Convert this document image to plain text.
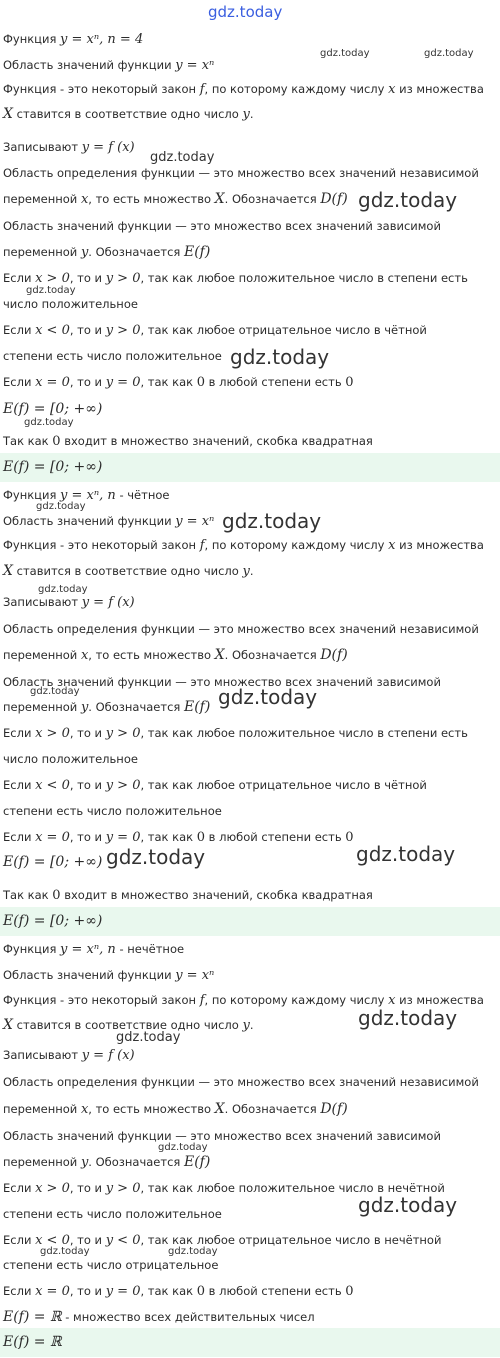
gdz.today
Функция y = xⁿ, n = 4
Область значений функции y = xⁿ
Функция - это некоторый закон f, по которому каждому числу x из множества
X ставится в соответствие одно число y.
Записывают y = f (x)
Область определения функции — это множество всех значений независимой
переменной x, то есть множество X. Обозначается D(f)
Область значений функции — это множество всех значений зависимой
переменной y. Обозначается E(f)
Если x > 0, то и y > 0, так как любое положительное число в степени есть
число положительное
Если x < 0, то и y > 0, так как любое отрицательное число в чётной
степени есть число положительное
Если x = 0, то и y = 0, так как 0 в любой степени есть 0
E(f) = [0; +∞)
Так как 0 входит в множество значений, скобка квадратная
E(f) = [0; +∞)
Функция y = xⁿ, n - чётное
Область значений функции y = xⁿ
Функция - это некоторый закон f, по которому каждому числу x из множества
X ставится в соответствие одно число y.
Записывают y = f (x)
Область определения функции — это множество всех значений независимой
переменной x, то есть множество X. Обозначается D(f)
Область значений функции — это множество всех значений зависимой
переменной y. Обозначается E(f)
Если x > 0, то и y > 0, так как любое положительное число в степени есть
число положительное
Если x < 0, то и y > 0, так как любое отрицательное число в чётной
степени есть число положительное
Если x = 0, то и y = 0, так как 0 в любой степени есть 0
E(f) = [0; +∞)
Так как 0 входит в множество значений, скобка квадратная
E(f) = [0; +∞)
Функция y = xⁿ, n - нечётное
Область значений функции y = xⁿ
Функция - это некоторый закон f, по которому каждому числу x из множества
X ставится в соответствие одно число y.
Записывают y = f (x)
Область определения функции — это множество всех значений независимой
переменной x, то есть множество X. Обозначается D(f)
Область значений функции — это множество всех значений зависимой
переменной y. Обозначается E(f)
Если x > 0, то и y > 0, так как любое положительное число в нечётной
степени есть число положительное
Если x < 0, то и y < 0, так как любое отрицательное число в нечётной
степени есть число отрицательное
Если x = 0, то и y = 0, так как 0 в любой степени есть 0
E(f) = ℝ - множество всех действительных чисел
E(f) = ℝ
gdz.today	gdz.today
gdz.today
gdz.today
gdz.today
gdz.today
gdz.today
gdz.today
gdz.today
gdz.today
gdz.today	gdz.today
gdz.today	gdz.today
gdz.today
gdz.today
gdz.today
gdz.today
gdz.today	gdz.today
